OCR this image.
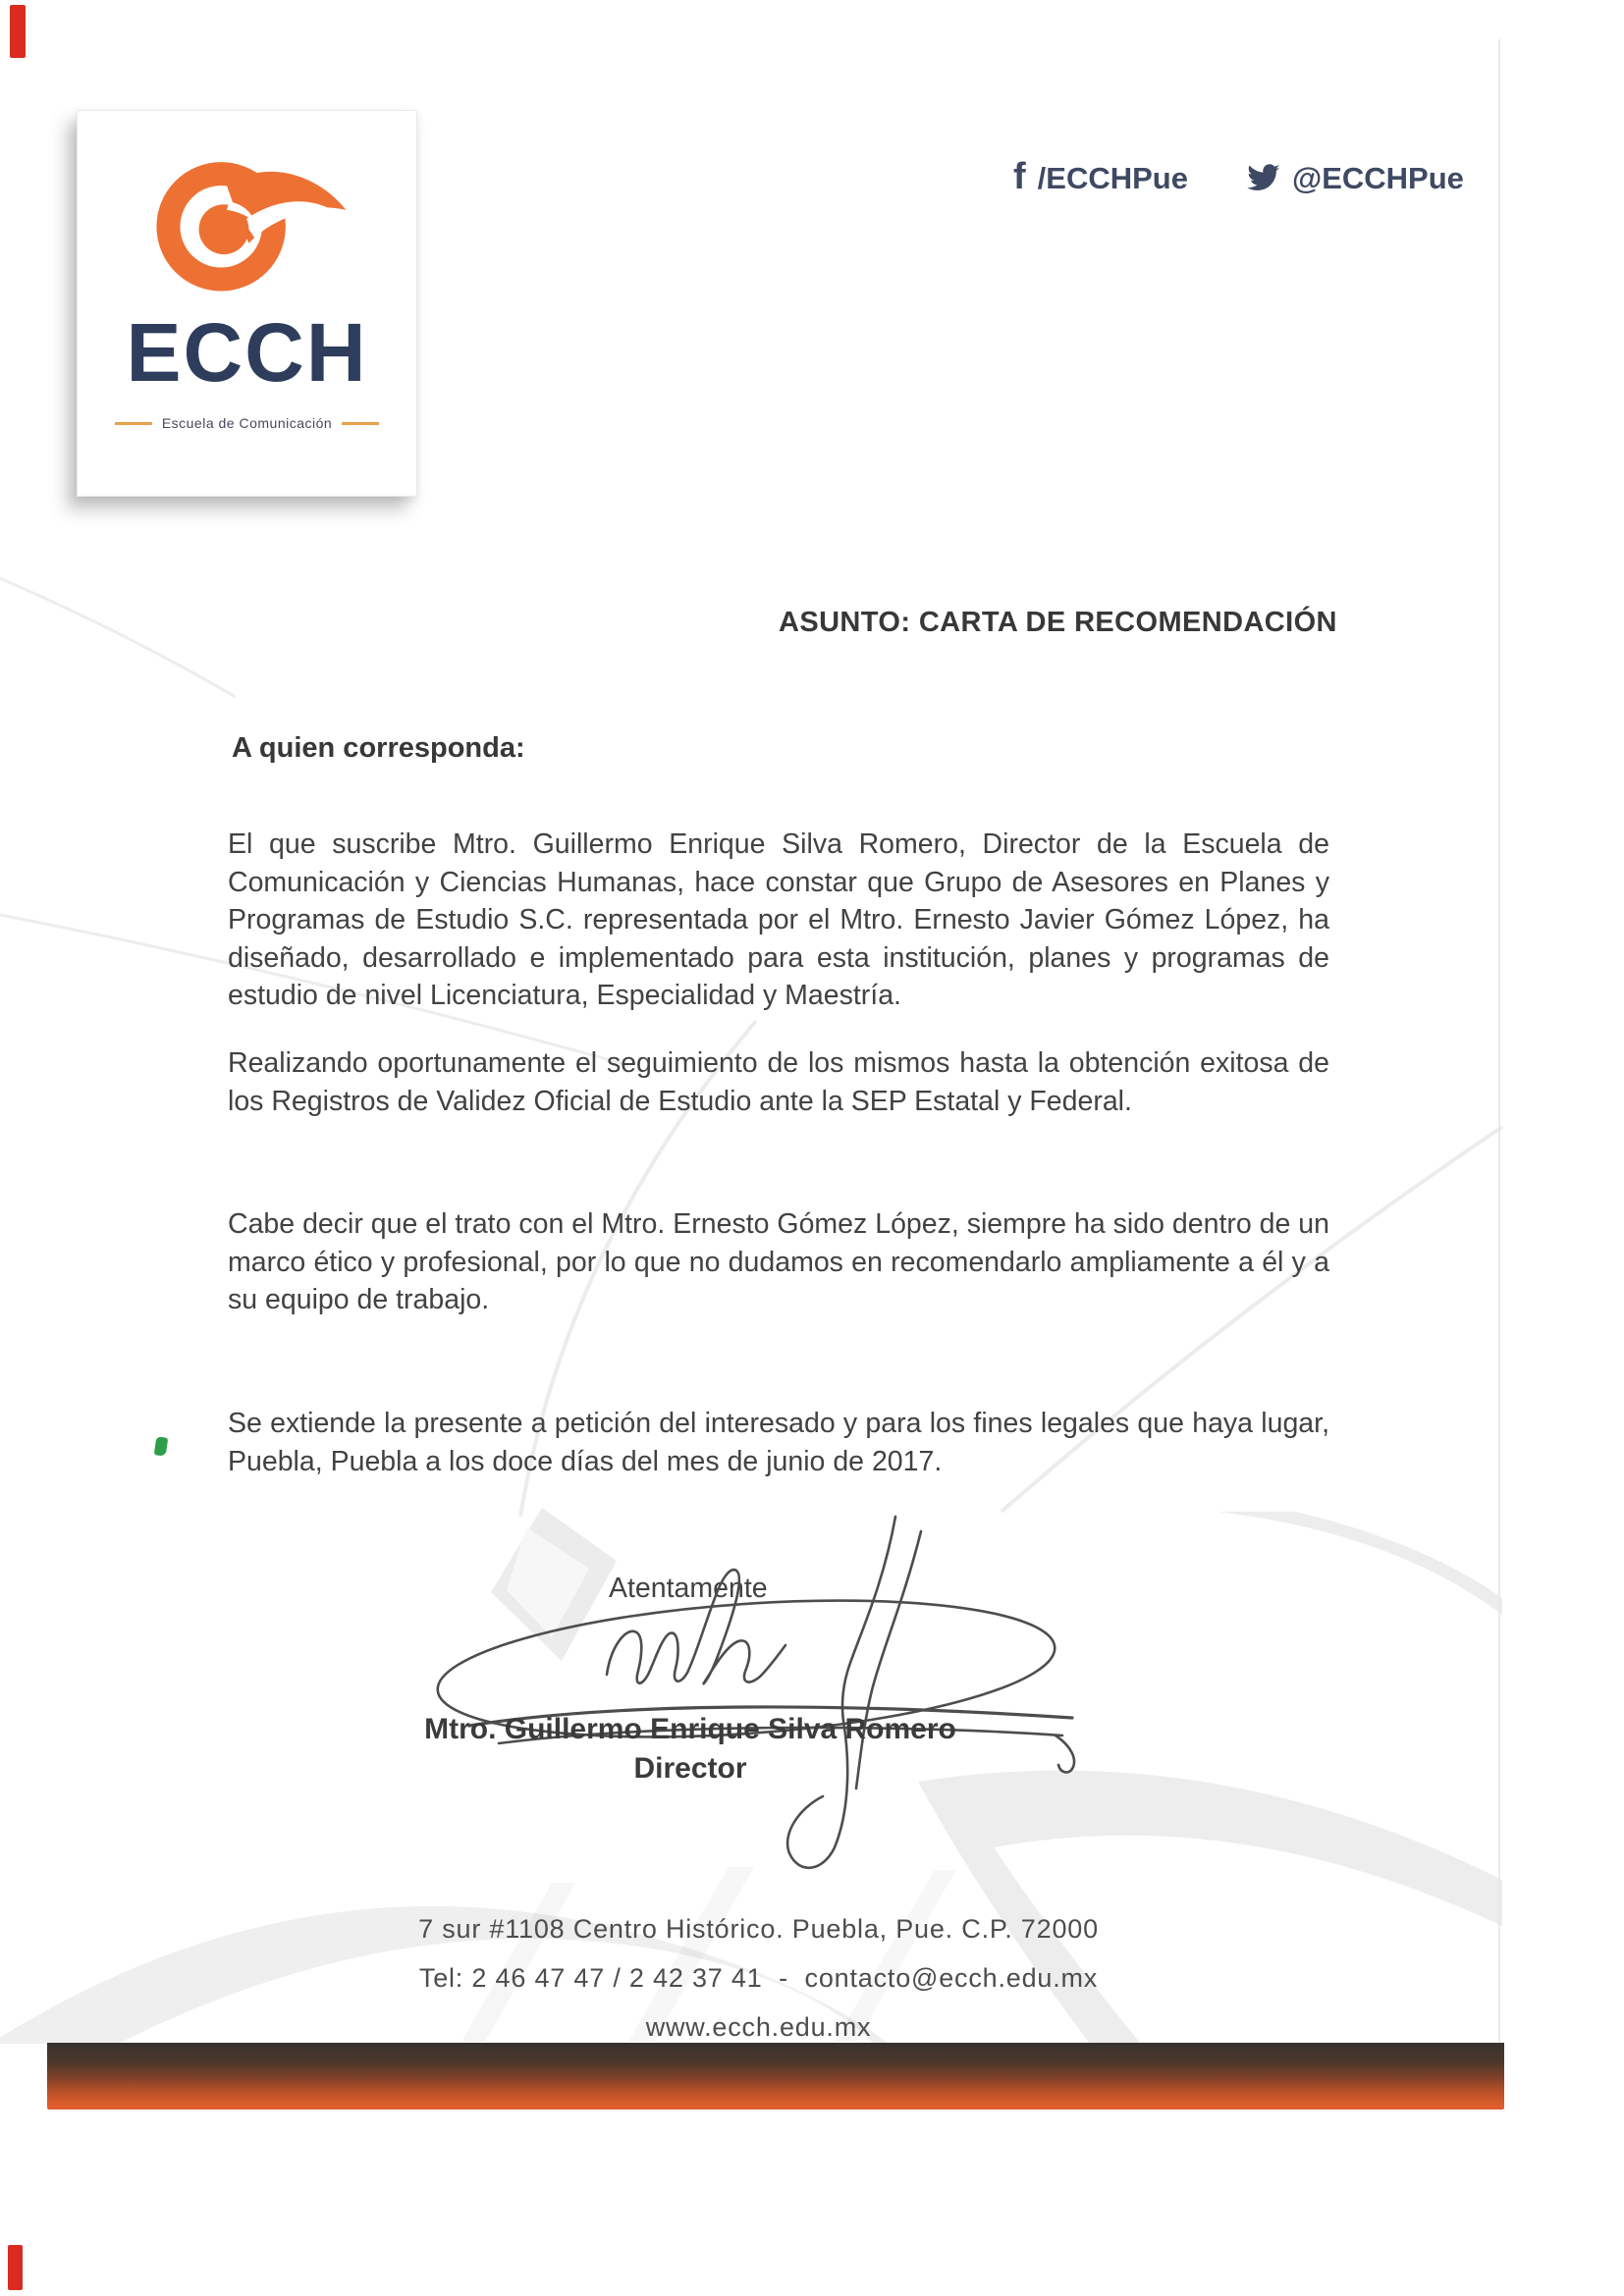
ECCH
Escuela de Comunicación
f /ECCHPue	@ECCHPue
ASUNTO: CARTA DE RECOMENDACIÓN
A quien corresponda:

El que suscribe Mtro. Guillermo Enrique Silva Romero, Director de la Escuela de Comunicación y Ciencias Humanas, hace constar que Grupo de Asesores en Planes y Programas de Estudio S.C. representada por el Mtro. Ernesto Javier Gómez López, ha diseñado, desarrollado e implementado para esta institución, planes y programas de estudio de nivel Licenciatura, Especialidad y Maestría.

Realizando oportunamente el seguimiento de los mismos hasta la obtención exitosa de los Registros de Validez Oficial de Estudio ante la SEP Estatal y Federal.

Cabe decir que el trato con el Mtro. Ernesto Gómez López, siempre ha sido dentro de un marco ético y profesional, por lo que no dudamos en recomendarlo ampliamente a él y a su equipo de trabajo.

Se extiende la presente a petición del interesado y para los fines legales que haya lugar, Puebla, Puebla a los doce días del mes de junio de 2017.

Atentamente
Mtro. Guillermo Enrique Silva Romero
Director
7 sur #1108 Centro Histórico. Puebla, Pue. C.P. 72000
Tel: 2 46 47 47 / 2 42 37 41  -  contacto@ecch.edu.mx
www.ecch.edu.mx
